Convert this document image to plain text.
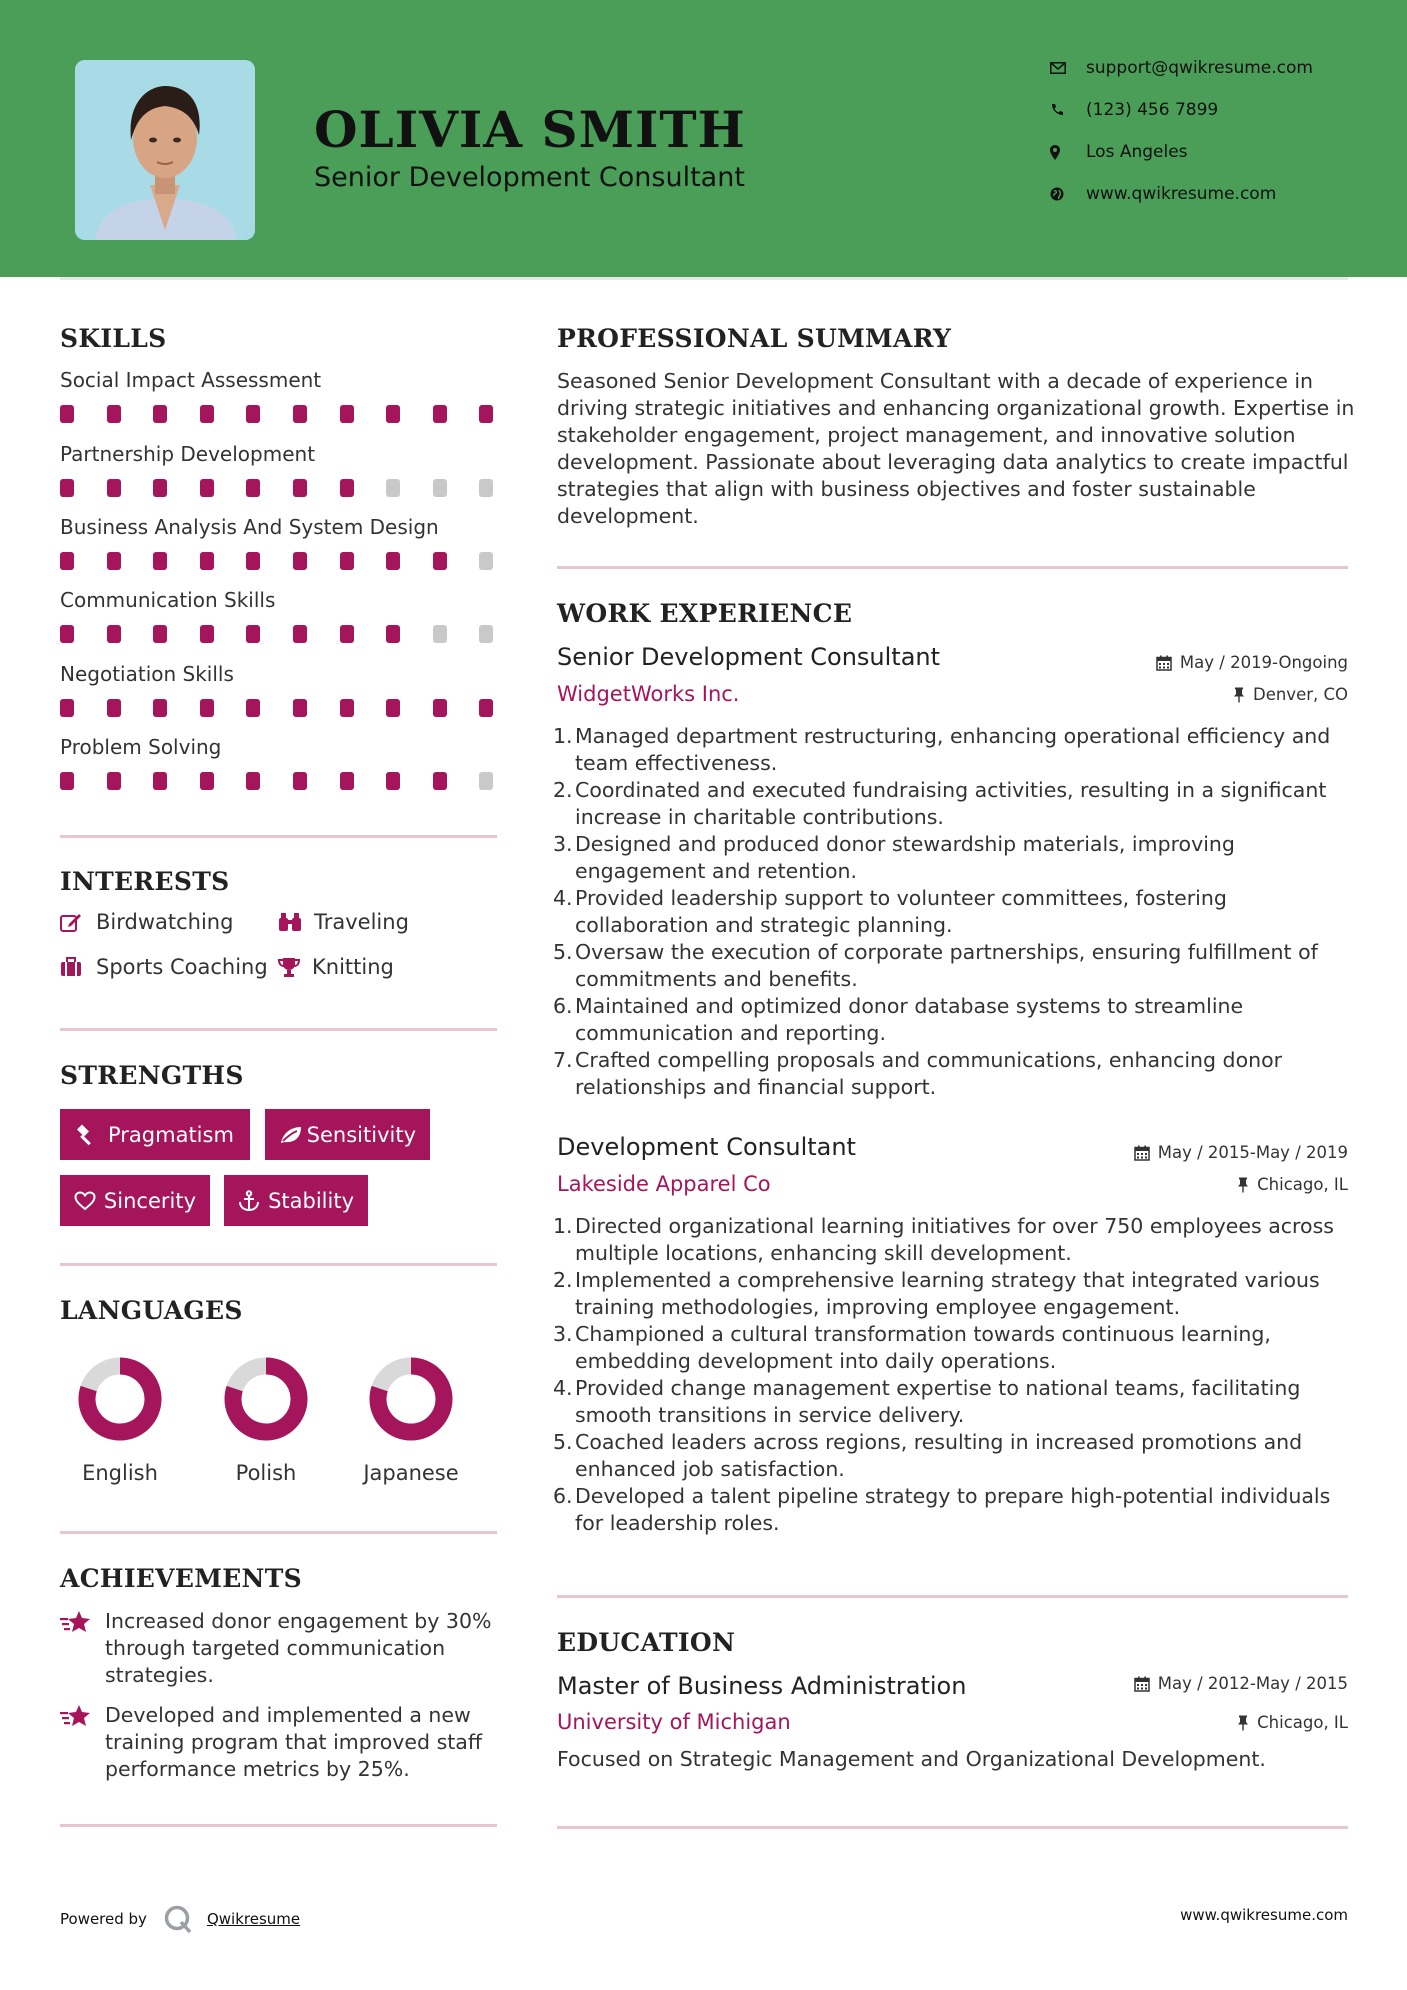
OLIVIA SMITH
Senior Development Consultant
support@qwikresume.com
(123) 456 7899
Los Angeles
www.qwikresume.com
SKILLS
Social Impact Assessment
Partnership Development
Business Analysis And System Design
Communication Skills
Negotiation Skills
Problem Solving
INTERESTS
Birdwatching	Traveling
Sports Coaching Knitting
STRENGTHS
Pragmatism	Sensitivity
Sincerity	Stability
LANGUAGES
English	Polish	Japanese
ACHIEVEMENTS
Increased donor engagement by 30% through targeted communication strategies.
Developed and implemented a new training program that improved staff performance metrics by 25%.
PROFESSIONAL SUMMARY
Seasoned Senior Development Consultant with a decade of experience in driving strategic initiatives and enhancing organizational growth. Expertise in stakeholder engagement, project management, and innovative solution development. Passionate about leveraging data analytics to create impactful strategies that align with business objectives and foster sustainable development.
WORK EXPERIENCE
Senior Development Consultant	May / 2019-Ongoing
WidgetWorks Inc.	Denver, CO
1. Managed department restructuring, enhancing operational efficiency and team effectiveness.
2. Coordinated and executed fundraising activities, resulting in a significant increase in charitable contributions.
3. Designed and produced donor stewardship materials, improving engagement and retention.
4. Provided leadership support to volunteer committees, fostering collaboration and strategic planning.
5. Oversaw the execution of corporate partnerships, ensuring fulfillment of commitments and benefits.
6. Maintained and optimized donor database systems to streamline communication and reporting.
7. Crafted compelling proposals and communications, enhancing donor relationships and financial support.
Development Consultant	May / 2015-May / 2019
Lakeside Apparel Co	Chicago, IL
1. Directed organizational learning initiatives for over 750 employees across multiple locations, enhancing skill development.
2. Implemented a comprehensive learning strategy that integrated various training methodologies, improving employee engagement.
3. Championed a cultural transformation towards continuous learning, embedding development into daily operations.
4. Provided change management expertise to national teams, facilitating smooth transitions in service delivery.
5. Coached leaders across regions, resulting in increased promotions and enhanced job satisfaction.
6. Developed a talent pipeline strategy to prepare high-potential individuals for leadership roles.
EDUCATION
Master of Business Administration	May / 2012-May / 2015
University of Michigan	Chicago, IL
Focused on Strategic Management and Organizational Development.
Powered by	Qwikresume	www.qwikresume.com
